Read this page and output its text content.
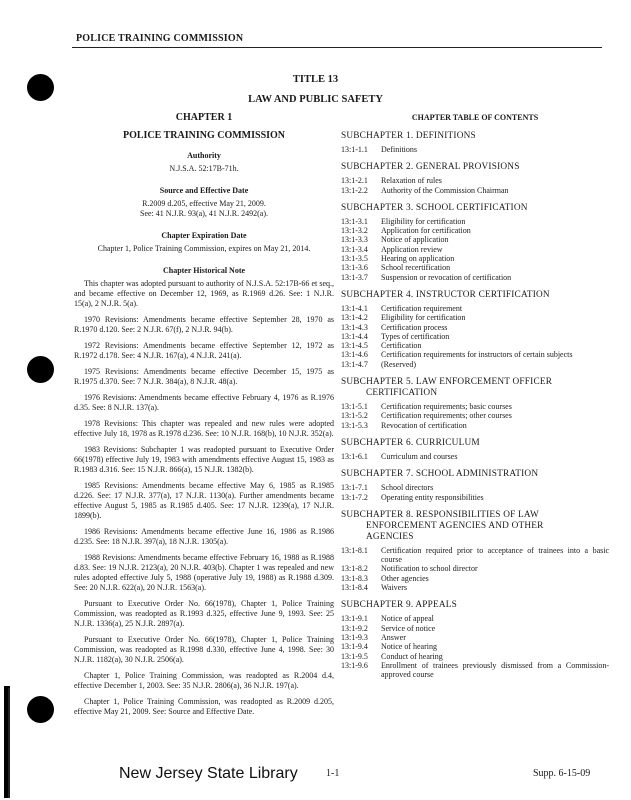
POLICE TRAINING COMMISSION
TITLE 13
LAW AND PUBLIC SAFETY
CHAPTER 1
POLICE TRAINING COMMISSION
Authority
N.J.S.A. 52:17B-71h.
Source and Effective Date
R.2009 d.205, effective May 21, 2009.
See: 41 N.J.R. 93(a), 41 N.J.R. 2492(a).
Chapter Expiration Date
Chapter 1, Police Training Commission, expires on May 21, 2014.
Chapter Historical Note
This chapter was adopted pursuant to authority of N.J.S.A. 52:17B-66 et seq., and became effective on December 12, 1969, as R.1969 d.26. See: 1 N.J.R. 15(a), 2 N.J.R. 5(a).
1970 Revisions: Amendments became effective September 28, 1970 as R.1970 d.120. See: 2 N.J.R. 67(f), 2 N.J.R. 94(b).
1972 Revisions: Amendments became effective September 12, 1972 as R.1972 d.178. See: 4 N.J.R. 167(a), 4 N.J.R. 241(a).
1975 Revisions: Amendments became effective December 15, 1975 as R.1975 d.370. See: 7 N.J.R. 384(a), 8 N.J.R. 48(a).
1976 Revisions: Amendments became effective February 4, 1976 as R.1976 d.35. See: 8 N.J.R. 137(a).
1978 Revisions: This chapter was repealed and new rules were adopted effective July 18, 1978 as R.1978 d.236. See: 10 N.J.R. 168(b), 10 N.J.R. 352(a).
1983 Revisions: Subchapter 1 was readopted pursuant to Executive Order 66(1978) effective July 19, 1983 with amendments effective August 15, 1983 as R.1983 d.316. See: 15 N.J.R. 866(a), 15 N.J.R. 1382(b).
1985 Revisions: Amendments became effective May 6, 1985 as R.1985 d.226. See: 17 N.J.R. 377(a), 17 N.J.R. 1130(a). Further amendments became effective August 5, 1985 as R.1985 d.405. See: 17 N.J.R. 1239(a), 17 N.J.R. 1899(b).
1986 Revisions: Amendments became effective June 16, 1986 as R.1986 d.235. See: 18 N.J.R. 397(a), 18 N.J.R. 1305(a).
1988 Revisions: Amendments became effective February 16, 1988 as R.1988 d.83. See: 19 N.J.R. 2123(a), 20 N.J.R. 403(b). Chapter 1 was repealed and new rules adopted effective July 5, 1988 (operative July 19, 1988) as R.1988 d.309. See: 20 N.J.R. 622(a), 20 N.J.R. 1563(a).
Pursuant to Executive Order No. 66(1978), Chapter 1, Police Training Commission, was readopted as R.1993 d.325, effective June 9, 1993. See: 25 N.J.R. 1336(a), 25 N.J.R. 2897(a).
Pursuant to Executive Order No. 66(1978), Chapter 1, Police Training Commission, was readopted as R.1998 d.330, effective June 4, 1998. See: 30 N.J.R. 1182(a), 30 N.J.R. 2506(a).
Chapter 1, Police Training Commission, was readopted as R.2004 d.4, effective December 1, 2003. See: 35 N.J.R. 2806(a), 36 N.J.R. 197(a).
Chapter 1, Police Training Commission, was readopted as R.2009 d.205, effective May 21, 2009. See: Source and Effective Date.
CHAPTER TABLE OF CONTENTS
SUBCHAPTER 1. DEFINITIONS
13:1-1.1	Definitions
SUBCHAPTER 2. GENERAL PROVISIONS
13:1-2.1	Relaxation of rules
13:1-2.2	Authority of the Commission Chairman
SUBCHAPTER 3. SCHOOL CERTIFICATION
13:1-3.1	Eligibility for certification
13:1-3.2	Application for certification
13:1-3.3	Notice of application
13:1-3.4	Application review
13:1-3.5	Hearing on application
13:1-3.6	School recertification
13:1-3.7	Suspension or revocation of certification
SUBCHAPTER 4. INSTRUCTOR CERTIFICATION
13:1-4.1	Certification requirement
13:1-4.2	Eligibility for certification
13:1-4.3	Certification process
13:1-4.4	Types of certification
13:1-4.5	Certification
13:1-4.6	Certification requirements for instructors of certain subjects
13:1-4.7	(Reserved)
SUBCHAPTER 5. LAW ENFORCEMENT OFFICER
CERTIFICATION
13:1-5.1	Certification requirements; basic courses
13:1-5.2	Certification requirements; other courses
13:1-5.3	Revocation of certification
SUBCHAPTER 6. CURRICULUM
13:1-6.1	Curriculum and courses
SUBCHAPTER 7. SCHOOL ADMINISTRATION
13:1-7.1	School directors
13:1-7.2	Operating entity responsibilities
SUBCHAPTER 8. RESPONSIBILITIES OF LAW
ENFORCEMENT AGENCIES AND OTHER
AGENCIES
13:1-8.1	Certification required prior to acceptance of trainees into a basic course
13:1-8.2	Notification to school director
13:1-8.3	Other agencies
13:1-8.4	Waivers
SUBCHAPTER 9. APPEALS
13:1-9.1	Notice of appeal
13:1-9.2	Service of notice
13:1-9.3	Answer
13:1-9.4	Notice of hearing
13:1-9.5	Conduct of hearing
13:1-9.6	Enrollment of trainees previously dismissed from a Commission-approved course
New Jersey State Library	1-1	Supp. 6-15-09
